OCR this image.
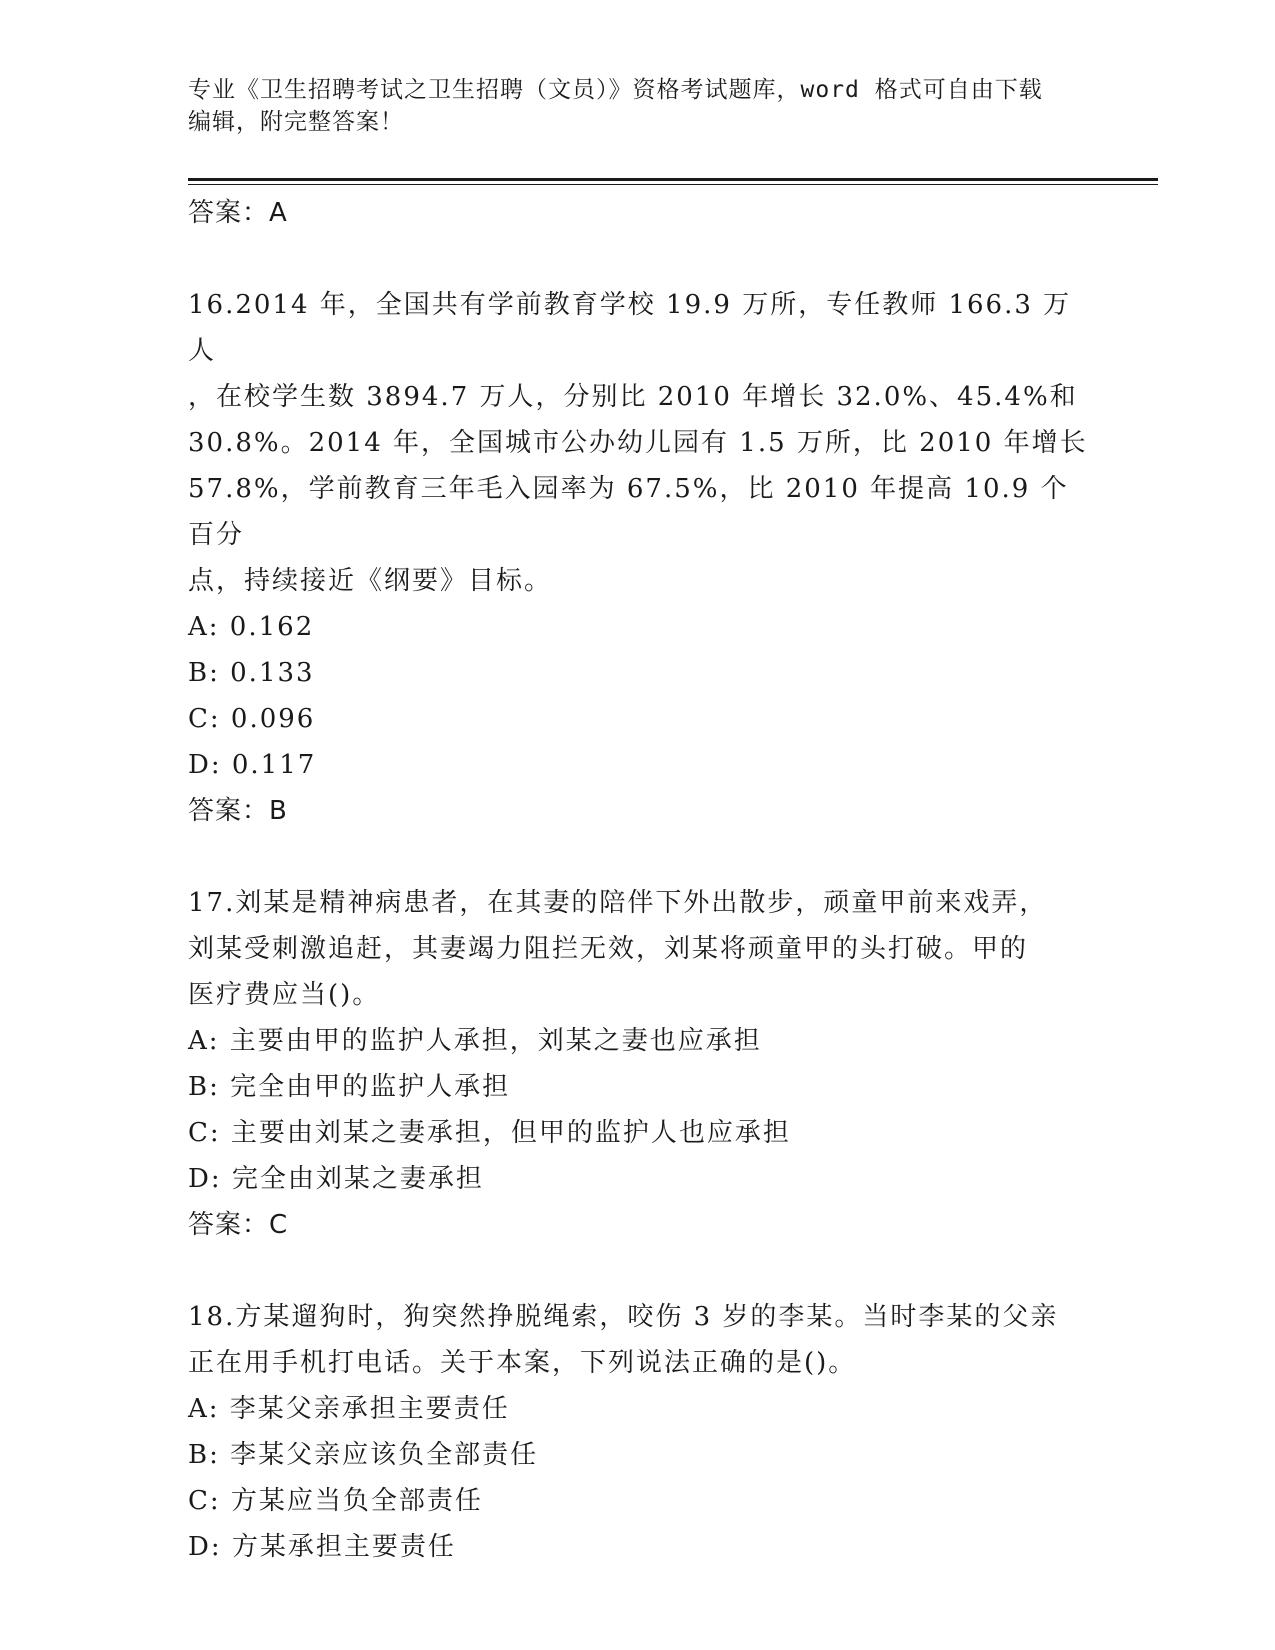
专业《卫生招聘考试之卫生招聘（文员）》资格考试题库，word 格式可自由下载
编辑，附完整答案！

答案：A

16.2014 年，全国共有学前教育学校 19.9 万所，专任教师 166.3 万人

，在校学生数 3894.7 万人，分别比 2010 年增长 32.0%、45.4%和

30.8%。2014 年，全国城市公办幼儿园有 1.5 万所，比 2010 年增长

57.8%，学前教育三年毛入园率为 67.5%，比 2010 年提高 10.9 个百分

点，持续接近《纲要》目标。

A: 0.162

B: 0.133

C: 0.096

D: 0.117

答案：B

17.刘某是精神病患者，在其妻的陪伴下外出散步，顽童甲前来戏弄，

刘某受刺激追赶，其妻竭力阻拦无效，刘某将顽童甲的头打破。甲的

医疗费应当()。

A: 主要由甲的监护人承担，刘某之妻也应承担

B: 完全由甲的监护人承担

C: 主要由刘某之妻承担，但甲的监护人也应承担

D: 完全由刘某之妻承担

答案：C

18.方某遛狗时，狗突然挣脱绳索，咬伤 3 岁的李某。当时李某的父亲

正在用手机打电话。关于本案，下列说法正确的是()。

A: 李某父亲承担主要责任

B: 李某父亲应该负全部责任

C: 方某应当负全部责任

D: 方某承担主要责任
